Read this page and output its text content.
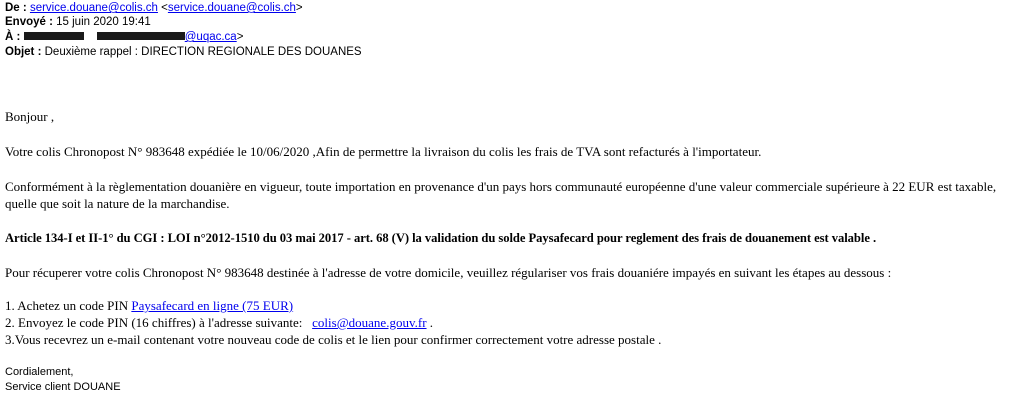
De : service.douane@colis.ch <service.douane@colis.ch>
Envoyé : 15 juin 2020 19:41
À :	@uqac.ca>
Objet : Deuxième rappel : DIRECTION REGIONALE DES DOUANES
Bonjour ,
Votre colis Chronopost N° 983648 expédiée le 10/06/2020 ,Afin de permettre la livraison du colis les frais de TVA sont refacturés à l'importateur.
Conformément à la règlementation douanière en vigueur, toute importation en provenance d'un pays hors communauté européenne d'une valeur commerciale supérieure à 22 EUR est taxable, quelle que soit la nature de la marchandise.
Article 134-I et II-1° du CGI : LOI n°2012-1510 du 03 mai 2017 - art. 68 (V) la validation du solde Paysafecard pour reglement des frais de douanement est valable .
Pour récuperer votre colis Chronopost N° 983648 destinée à l'adresse de votre domicile, veuillez régulariser vos frais douaniére impayés en suivant les étapes au dessous :
1. Achetez un code PIN Paysafecard en ligne (75 EUR)
2. Envoyez le code PIN (16 chiffres) à l'adresse suivante:   colis@douane.gouv.fr .
3.Vous recevrez un e-mail contenant votre nouveau code de colis et le lien pour confirmer correctement votre adresse postale .
Cordialement,
Service client DOUANE
